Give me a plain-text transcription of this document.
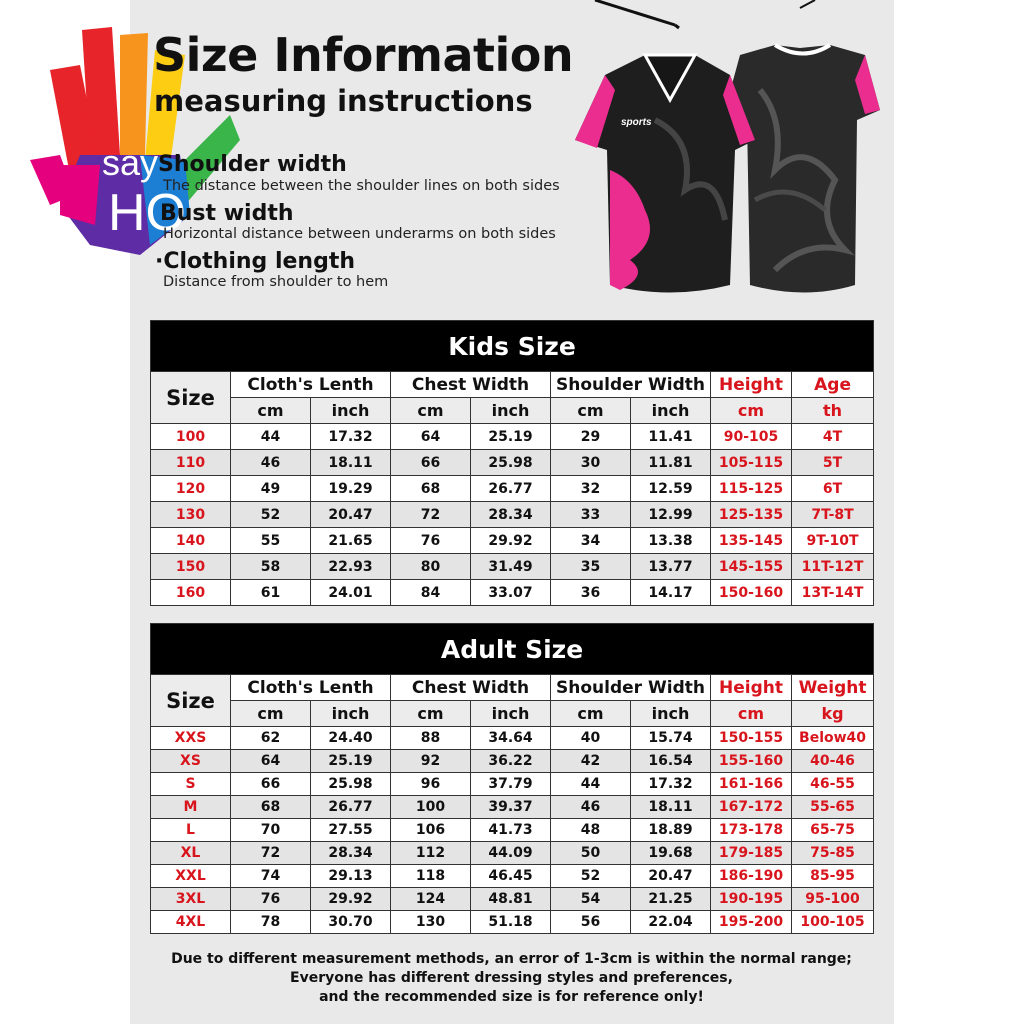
sports
say
HO
Size Information
measuring instructions
Shoulder width
The distance between the shoulder lines on both sides
Bust width
Horizontal distance between underarms on both sides
·Clothing length
Distance from shoulder to hem
Kids Size								
Size	Cloth's Lenth		Chest Width		Shoulder Width		Height	Age
	cm	inch	cm	inch	cm	inch	cm	th
100	44	17.32	64	25.19	29	11.41	90-105	4T
110	46	18.11	66	25.98	30	11.81	105-115	5T
120	49	19.29	68	26.77	32	12.59	115-125	6T
130	52	20.47	72	28.34	33	12.99	125-135	7T-8T
140	55	21.65	76	29.92	34	13.38	135-145	9T-10T
150	58	22.93	80	31.49	35	13.77	145-155	11T-12T
160	61	24.01	84	33.07	36	14.17	150-160	13T-14T
Adult Size								
Size	Cloth's Lenth		Chest Width		Shoulder Width		Height	Weight
	cm	inch	cm	inch	cm	inch	cm	kg
XXS	62	24.40	88	34.64	40	15.74	150-155	Below40
XS	64	25.19	92	36.22	42	16.54	155-160	40-46
S	66	25.98	96	37.79	44	17.32	161-166	46-55
M	68	26.77	100	39.37	46	18.11	167-172	55-65
L	70	27.55	106	41.73	48	18.89	173-178	65-75
XL	72	28.34	112	44.09	50	19.68	179-185	75-85
XXL	74	29.13	118	46.45	52	20.47	186-190	85-95
3XL	76	29.92	124	48.81	54	21.25	190-195	95-100
4XL	78	30.70	130	51.18	56	22.04	195-200	100-105
Due to different measurement methods, an error of 1-3cm is within the normal range;
Everyone has different dressing styles and preferences,
and the recommended size is for reference only!
